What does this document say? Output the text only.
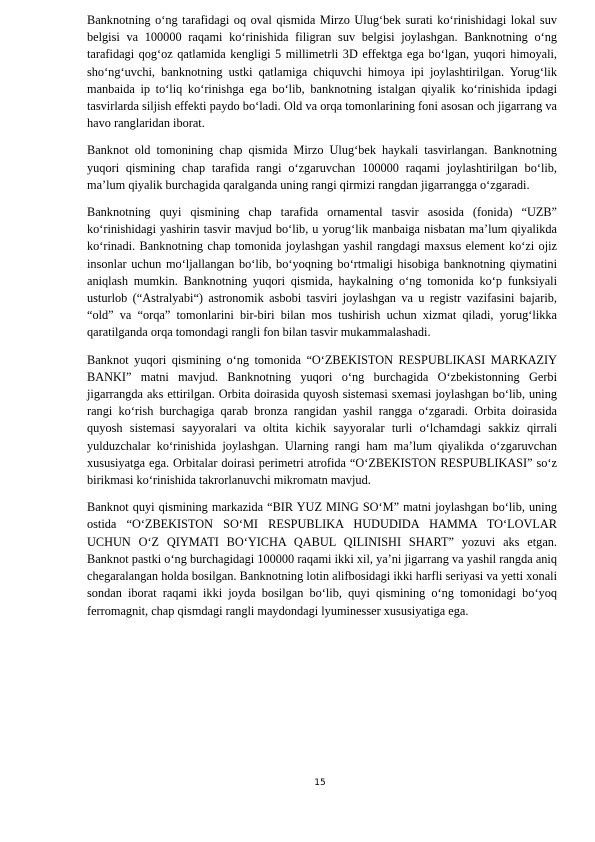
Banknotning o‘ng tarafidagi oq oval qismida Mirzo Ulug‘bek surati ko‘rinishidagi lokal suv belgisi va 100000 raqami ko‘rinishida filigran suv belgisi joylashgan. Banknotning o‘ng tarafidagi qog‘oz qatlamida kengligi 5 millimetrli 3D effektga ega bo‘lgan, yuqori himoyali, sho‘ng‘uvchi, banknotning ustki qatlamiga chiquvchi himoya ipi joylashtirilgan. Yorug‘lik manbaida ip to‘liq ko‘rinishga ega bo‘lib, banknotning istalgan qiyalik ko‘rinishida ipdagi tasvirlarda siljish effekti paydo bo‘ladi. Old va orqa tomonlarining foni asosan och jigarrang va havo ranglaridan iborat.

Banknot old tomonining chap qismida Mirzo Ulug‘bek haykali tasvirlangan. Banknotning yuqori qismining chap tarafida rangi o‘zgaruvchan 100000 raqami joylashtirilgan bo‘lib, ma’lum qiyalik burchagida qaralganda uning rangi qirmizi rangdan jigarrangga o‘zgaradi.

Banknotning quyi qismining chap tarafida ornamental tasvir asosida (fonida) “UZB” ko‘rinishidagi yashirin tasvir mavjud bo‘lib, u yorug‘lik manbaiga nisbatan ma’lum qiyalikda ko‘rinadi. Banknotning chap tomonida joylashgan yashil rangdagi maxsus element ko‘zi ojiz insonlar uchun mo‘ljallangan bo‘lib, bo‘yoqning bo‘rtmaligi hisobiga banknotning qiymatini aniqlash mumkin. Banknotning yuqori qismida, haykalning o‘ng tomonida ko‘p funksiyali usturlob (“Astralyabi“) astronomik asbobi tasviri joylashgan va u registr vazifasini bajarib, “old” va “orqa” tomonlarini bir-biri bilan mos tushirish uchun xizmat qiladi, yorug‘likka qaratilganda orqa tomondagi rangli fon bilan tasvir mukammalashadi.

Banknot yuqori qismining o‘ng tomonida “O‘ZBEKISTON RESPUBLIKASI MARKAZIY BANKI” matni mavjud. Banknotning yuqori o‘ng burchagida O‘zbekistonning Gerbi jigarrangda aks ettirilgan. Orbita doirasida quyosh sistemasi sxemasi joylashgan bo‘lib, uning rangi ko‘rish burchagiga qarab bronza rangidan yashil rangga o‘zgaradi. Orbita doirasida quyosh sistemasi sayyoralari va oltita kichik sayyoralar turli o‘lchamdagi sakkiz qirrali yulduzchalar ko‘rinishida joylashgan. Ularning rangi ham ma’lum qiyalikda o‘zgaruvchan xususiyatga ega. Orbitalar doirasi perimetri atrofida “O‘ZBEKISTON RESPUBLIKASI” so‘z birikmasi ko‘rinishida takrorlanuvchi mikromatn mavjud.

Banknot quyi qismining markazida “BIR YUZ MING SO‘M” matni joylashgan bo‘lib, uning ostida “O‘ZBEKISTON SO‘MI RESPUBLIKA HUDUDIDA HAMMA TO‘LOVLAR UCHUN O‘Z QIYMATI BO‘YICHA QABUL QILINISHI SHART” yozuvi aks etgan. Banknot pastki o‘ng burchagidagi 100000 raqami ikki xil, ya’ni jigarrang va yashil rangda aniq chegaralangan holda bosilgan. Banknotning lotin alifbosidagi ikki harfli seriyasi va yetti xonali sondan iborat raqami ikki joyda bosilgan bo‘lib, quyi qismining o‘ng tomonidagi bo‘yoq ferromagnit, chap qismdagi rangli maydondagi lyuminesser xususiyatiga ega.

15
